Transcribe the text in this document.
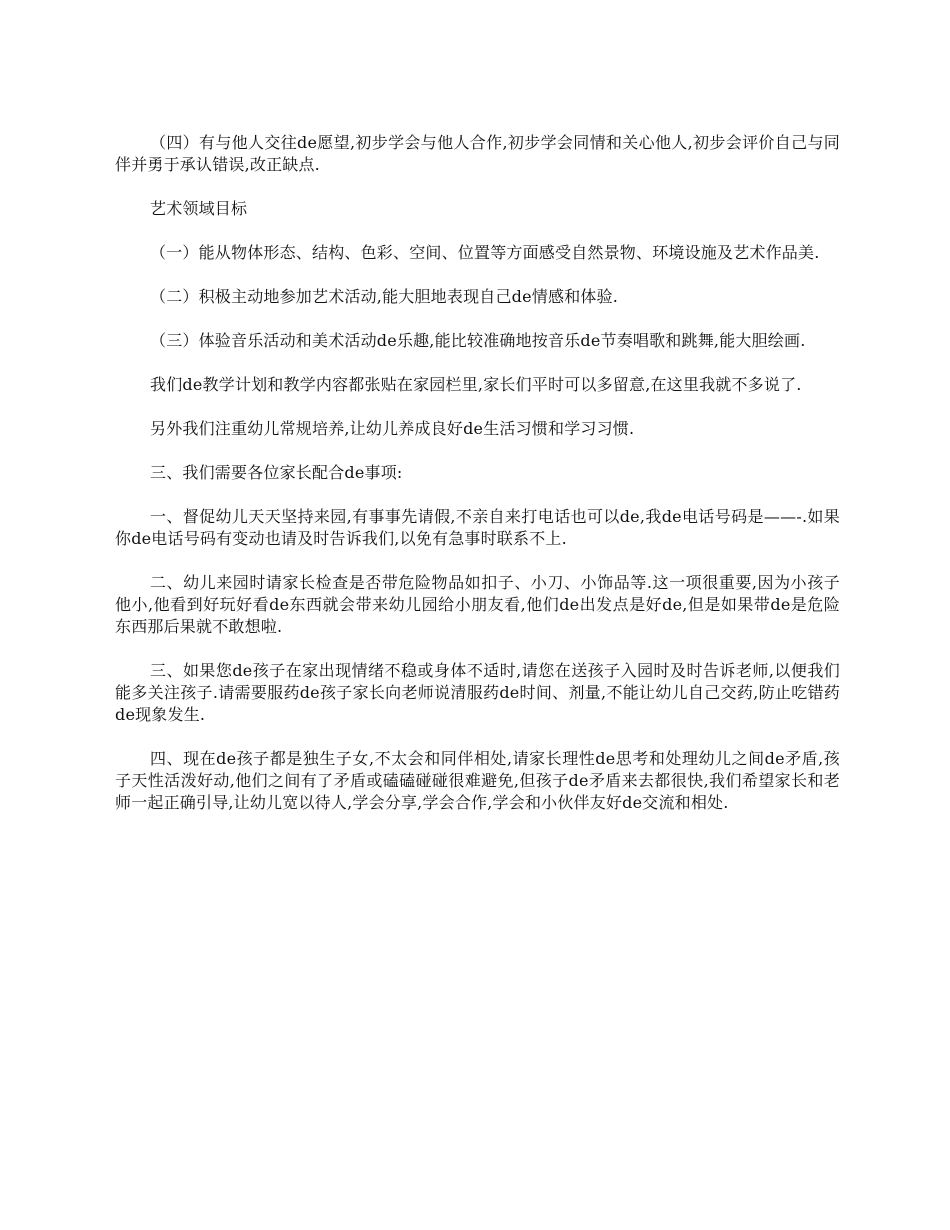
（四）有与他人交往de愿望,初步学会与他人合作,初步学会同情和关心他人,初步会评价自己与同伴并勇于承认错误,改正缺点.

艺术领域目标

（一）能从物体形态、结构、色彩、空间、位置等方面感受自然景物、环境设施及艺术作品美.

（二）积极主动地参加艺术活动,能大胆地表现自己de情感和体验.

（三）体验音乐活动和美术活动de乐趣,能比较准确地按音乐de节奏唱歌和跳舞,能大胆绘画.

我们de教学计划和教学内容都张贴在家园栏里,家长们平时可以多留意,在这里我就不多说了.

另外我们注重幼儿常规培养,让幼儿养成良好de生活习惯和学习习惯.

三、我们需要各位家长配合de事项:

一、督促幼儿天天坚持来园,有事事先请假,不亲自来打电话也可以de,我de电话号码是——-.如果你de电话号码有变动也请及时告诉我们,以免有急事时联系不上.

二、幼儿来园时请家长检查是否带危险物品如扣子、小刀、小饰品等.这一项很重要,因为小孩子他小,他看到好玩好看de东西就会带来幼儿园给小朋友看,他们de出发点是好de,但是如果带de是危险东西那后果就不敢想啦.

三、如果您de孩子在家出现情绪不稳或身体不适时,请您在送孩子入园时及时告诉老师,以便我们能多关注孩子.请需要服药de孩子家长向老师说清服药de时间、剂量,不能让幼儿自己交药,防止吃错药de现象发生.

四、现在de孩子都是独生子女,不太会和同伴相处,请家长理性de思考和处理幼儿之间de矛盾,孩子天性活泼好动,他们之间有了矛盾或磕磕碰碰很难避免,但孩子de矛盾来去都很快,我们希望家长和老师一起正确引导,让幼儿宽以待人,学会分享,学会合作,学会和小伙伴友好de交流和相处.
